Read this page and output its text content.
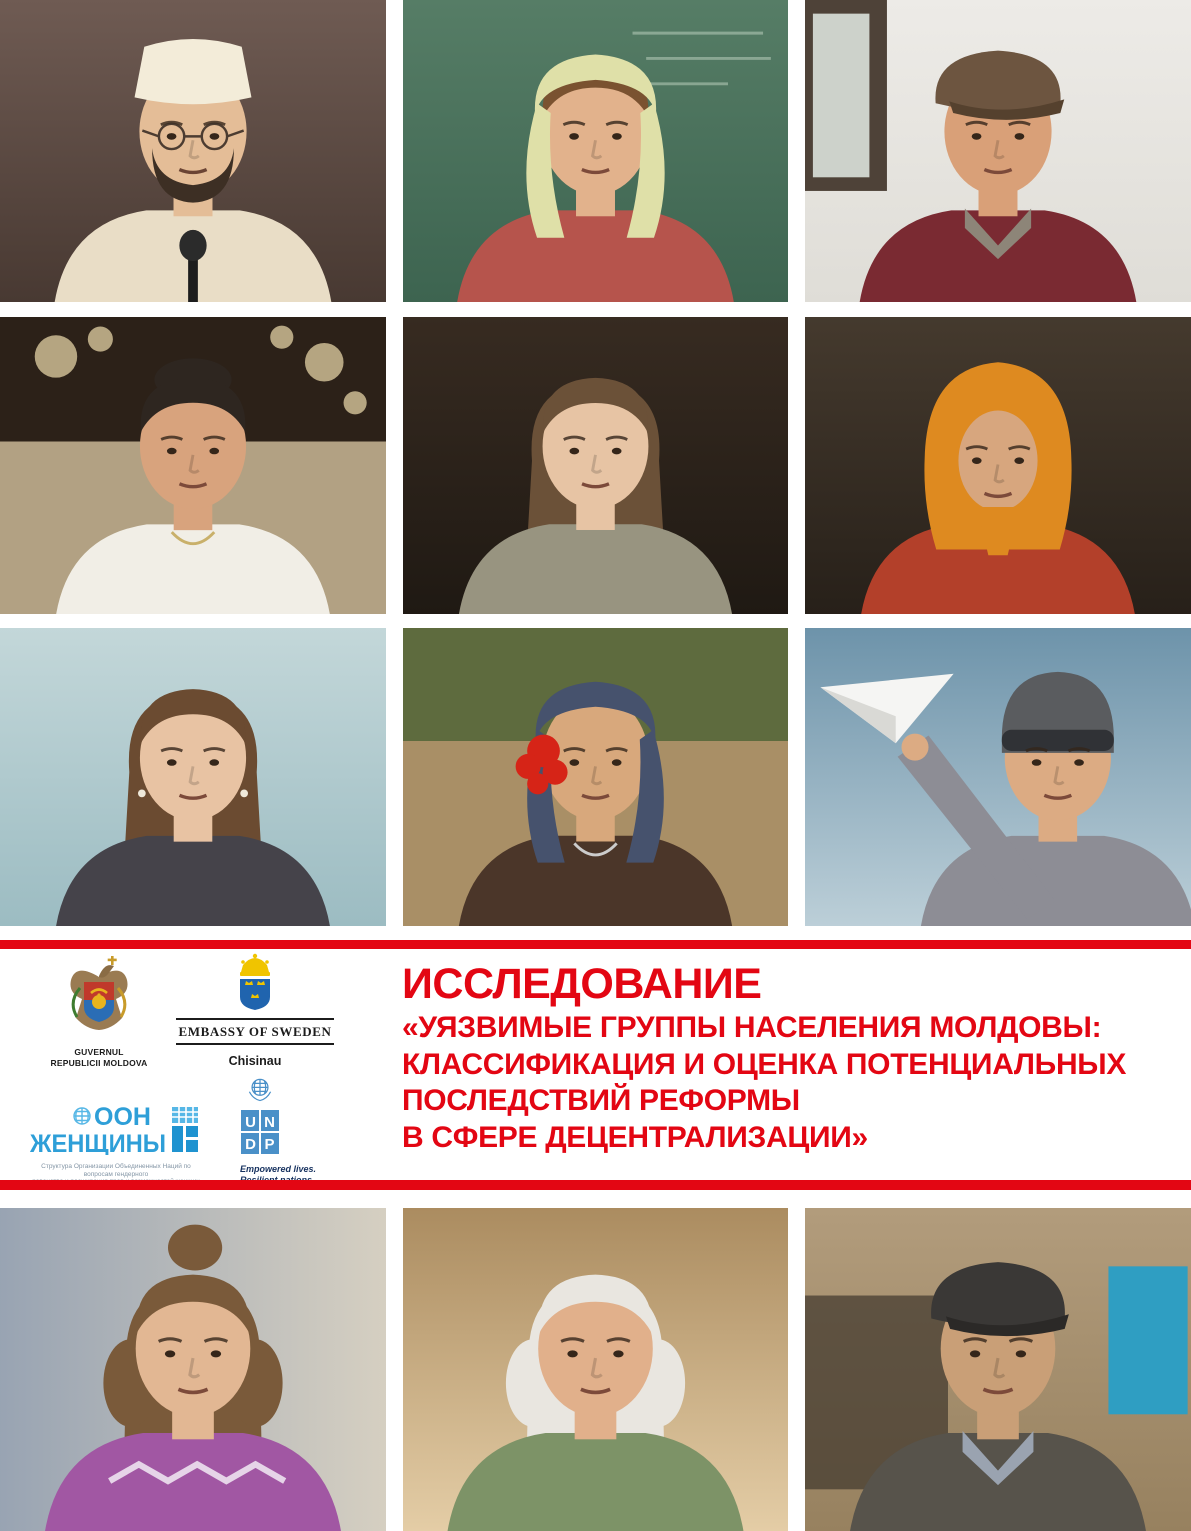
GUVERNUL
REPUBLICII MOLDOVA
EMBASSY OF SWEDEN
Chisinau
ООН
ЖЕНЩИНЫ
Структура Организации Объединенных Наций по вопросам гендерного

U N
D P
Empowered lives.
ИССЛЕДОВАНИЕ
«УЯЗВИМЫЕ ГРУППЫ НАСЕЛЕНИЯ МОЛДОВЫ:
КЛАССИФИКАЦИЯ И ОЦЕНКА ПОТЕНЦИАЛЬНЫХ
ПОСЛЕДСТВИЙ РЕФОРМЫ
В СФЕРЕ ДЕЦЕНТРАЛИЗАЦИИ»
